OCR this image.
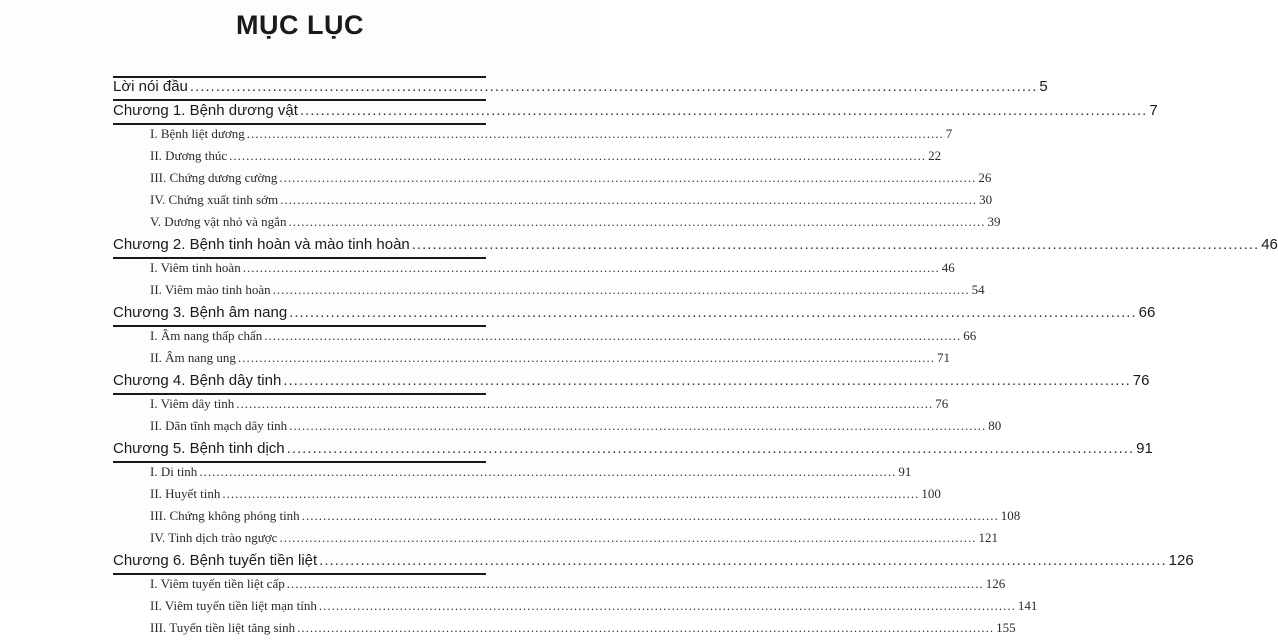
MỤC LỤC
Lời nói đầu .....	5
Chương 1. Bệnh dương vật .....	7
I. Bệnh liệt dương .....	7
II. Dương thúc .....	22
III. Chứng dương cường .....	26
IV. Chứng xuất tinh sớm .....	30
V. Dương vật nhỏ và ngắn .....	39
Chương 2. Bệnh tinh hoàn và mào tinh hoàn .....	46
I. Viêm tinh hoàn .....	46
II. Viêm mào tinh hoàn .....	54
Chương 3. Bệnh âm nang .....	66
I. Âm nang thấp chẩn .....	66
II. Âm nang ung .....	71
Chương 4. Bệnh dây tinh .....	76
I. Viêm dây tinh .....	76
II. Dãn tĩnh mạch dây tinh .....	80
Chương 5. Bệnh tinh dịch .....	91
I. Di tinh .....	91
II. Huyết tinh .....	100
III. Chứng không phóng tinh .....	108
IV. Tinh dịch trào ngược .....	121
Chương 6. Bệnh tuyến tiền liệt .....	126
I. Viêm tuyến tiền liệt cấp .....	126
II. Viêm tuyến tiền liệt mạn tính .....	141
III. Tuyến tiền liệt tăng sinh .....	155
